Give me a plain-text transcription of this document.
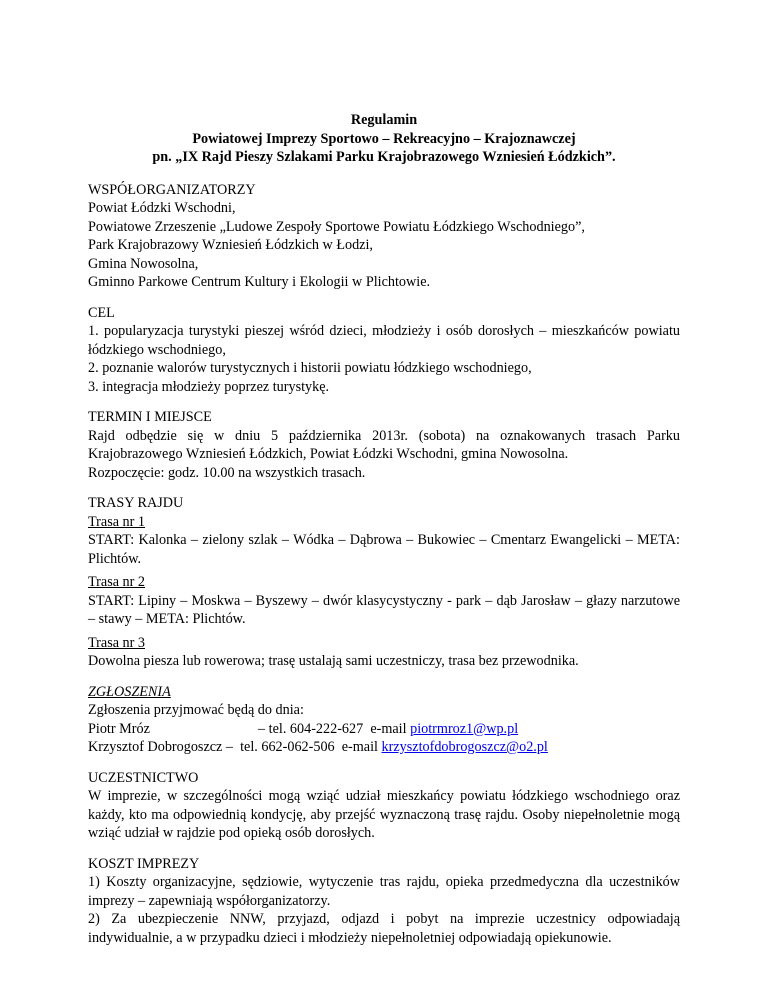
Regulamin
Powiatowej Imprezy Sportowo – Rekreacyjno – Krajoznawczej
pn. „IX Rajd Pieszy Szlakami Parku Krajobrazowego Wzniesień Łódzkich”.
WSPÓŁORGANIZATORZY
Powiat Łódzki Wschodni,
Powiatowe Zrzeszenie „Ludowe Zespoły Sportowe Powiatu Łódzkiego Wschodniego”,
Park Krajobrazowy Wzniesień Łódzkich w Łodzi,
Gmina Nowosolna,
Gminno Parkowe Centrum Kultury i Ekologii w Plichtowie.
CEL
1. popularyzacja turystyki pieszej wśród dzieci, młodzieży i osób dorosłych – mieszkańców powiatu łódzkiego wschodniego,
2. poznanie walorów turystycznych i historii powiatu łódzkiego wschodniego,
3. integracja młodzieży poprzez turystykę.
TERMIN I MIEJSCE
Rajd odbędzie się w dniu 5 października 2013r. (sobota) na oznakowanych trasach Parku Krajobrazowego Wzniesień Łódzkich, Powiat Łódzki Wschodni, gmina Nowosolna.
Rozpoczęcie: godz. 10.00 na wszystkich trasach.
TRASY RAJDU
Trasa nr 1
START: Kalonka – zielony szlak – Wódka – Dąbrowa – Bukowiec – Cmentarz Ewangelicki – META: Plichtów.
Trasa nr 2
START: Lipiny – Moskwa – Byszewy – dwór klasycystyczny - park – dąb Jarosław – głazy narzutowe – stawy – META: Plichtów.
Trasa nr 3
Dowolna piesza lub rowerowa; trasę ustalają sami uczestniczy, trasa bez przewodnika.
ZGŁOSZENIA
Zgłoszenia przyjmować będą do dnia:
Piotr Mróz	– tel. 604-222-627 e-mail piotrmroz1@wp.pl
Krzysztof Dobrogoszcz – tel. 662-062-506 e-mail krzysztofdobrogoszcz@o2.pl
UCZESTNICTWO
W imprezie, w szczególności mogą wziąć udział mieszkańcy powiatu łódzkiego wschodniego oraz każdy, kto ma odpowiednią kondycję, aby przejść wyznaczoną trasę rajdu. Osoby niepełnoletnie mogą wziąć udział w rajdzie pod opieką osób dorosłych.
KOSZT IMPREZY
1) Koszty organizacyjne, sędziowie, wytyczenie tras rajdu, opieka przedmedyczna dla uczestników imprezy – zapewniają współorganizatorzy.
2) Za ubezpieczenie NNW, przyjazd, odjazd i pobyt na imprezie uczestnicy odpowiadają indywidualnie, a w przypadku dzieci i młodzieży niepełnoletniej odpowiadają opiekunowie.
